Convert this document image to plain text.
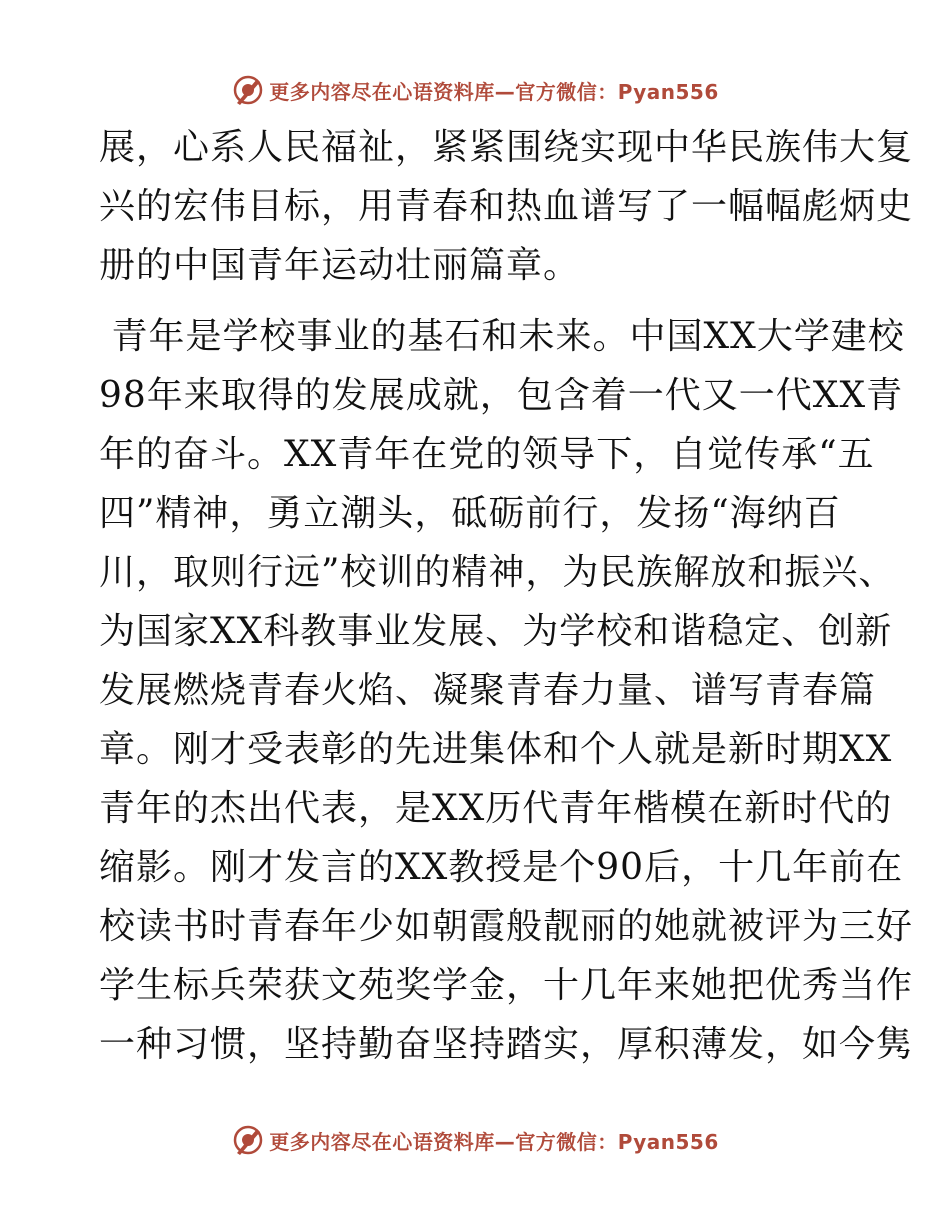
更多内容尽在心语资料库—官方微信：Pyan556
展，心系人民福祉，紧紧围绕实现中华民族伟大复
兴的宏伟目标，用青春和热血谱写了一幅幅彪炳史
册的中国青年运动壮丽篇章。
青年是学校事业的基石和未来。中国XX大学建校
98年来取得的发展成就，包含着一代又一代XX青
年的奋斗。XX青年在党的领导下，自觉传承“五
四”精神，勇立潮头，砥砺前行，发扬“海纳百
川，取则行远”校训的精神，为民族解放和振兴、
为国家XX科教事业发展、为学校和谐稳定、创新
发展燃烧青春火焰、凝聚青春力量、谱写青春篇
章。刚才受表彰的先进集体和个人就是新时期XX
青年的杰出代表，是XX历代青年楷模在新时代的
缩影。刚才发言的XX教授是个90后，十几年前在
校读书时青春年少如朝霞般靓丽的她就被评为三好
学生标兵荣获文苑奖学金，十几年来她把优秀当作
一种习惯，坚持勤奋坚持踏实，厚积薄发，如今隽
更多内容尽在心语资料库—官方微信：Pyan556
